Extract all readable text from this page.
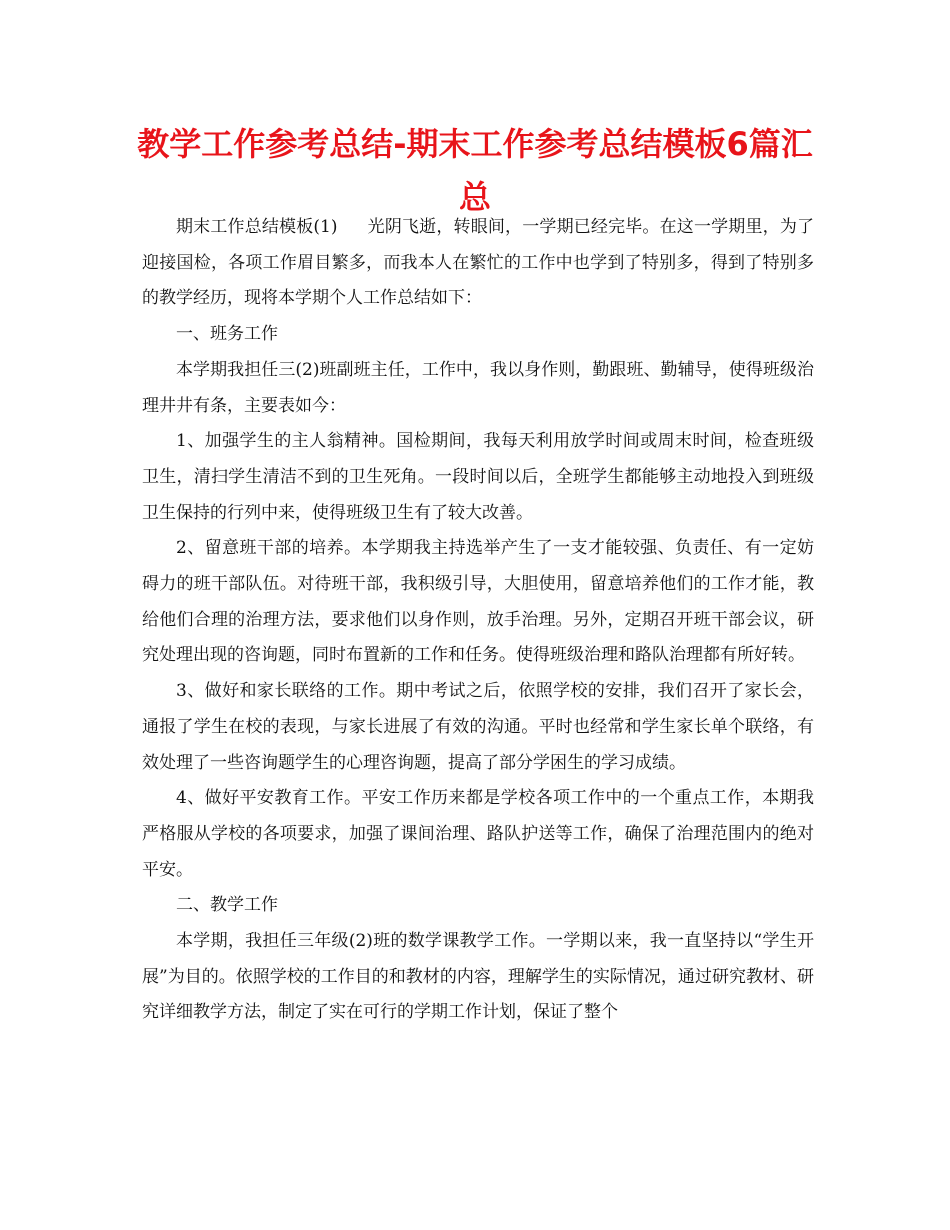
教学工作参考总结-期末工作参考总结模板6篇汇总

期末工作总结模板(1) 光阴飞逝，转眼间，一学期已经完毕。在这一学期里，为了迎接国检，各项工作眉目繁多，而我本人在繁忙的工作中也学到了特别多，得到了特别多的教学经历，现将本学期个人工作总结如下：

一、班务工作

本学期我担任三(2)班副班主任，工作中，我以身作则，勤跟班、勤辅导，使得班级治理井井有条，主要表如今：

1、加强学生的主人翁精神。国检期间，我每天利用放学时间或周末时间，检查班级卫生，清扫学生清洁不到的卫生死角。一段时间以后，全班学生都能够主动地投入到班级卫生保持的行列中来，使得班级卫生有了较大改善。

2、留意班干部的培养。本学期我主持选举产生了一支才能较强、负责任、有一定妨碍力的班干部队伍。对待班干部，我积级引导，大胆使用，留意培养他们的工作才能，教给他们合理的治理方法，要求他们以身作则，放手治理。另外，定期召开班干部会议，研究处理出现的咨询题，同时布置新的工作和任务。使得班级治理和路队治理都有所好转。

3、做好和家长联络的工作。期中考试之后，依照学校的安排，我们召开了家长会，通报了学生在校的表现，与家长进展了有效的沟通。平时也经常和学生家长单个联络，有效处理了一些咨询题学生的心理咨询题，提高了部分学困生的学习成绩。

4、做好平安教育工作。平安工作历来都是学校各项工作中的一个重点工作，本期我严格服从学校的各项要求，加强了课间治理、路队护送等工作，确保了治理范围内的绝对平安。

二、教学工作

本学期，我担任三年级(2)班的数学课教学工作。一学期以来，我一直坚持以“学生开展”为目的。依照学校的工作目的和教材的内容，理解学生的实际情况，通过研究教材、研究详细教学方法，制定了实在可行的学期工作计划，保证了整个
